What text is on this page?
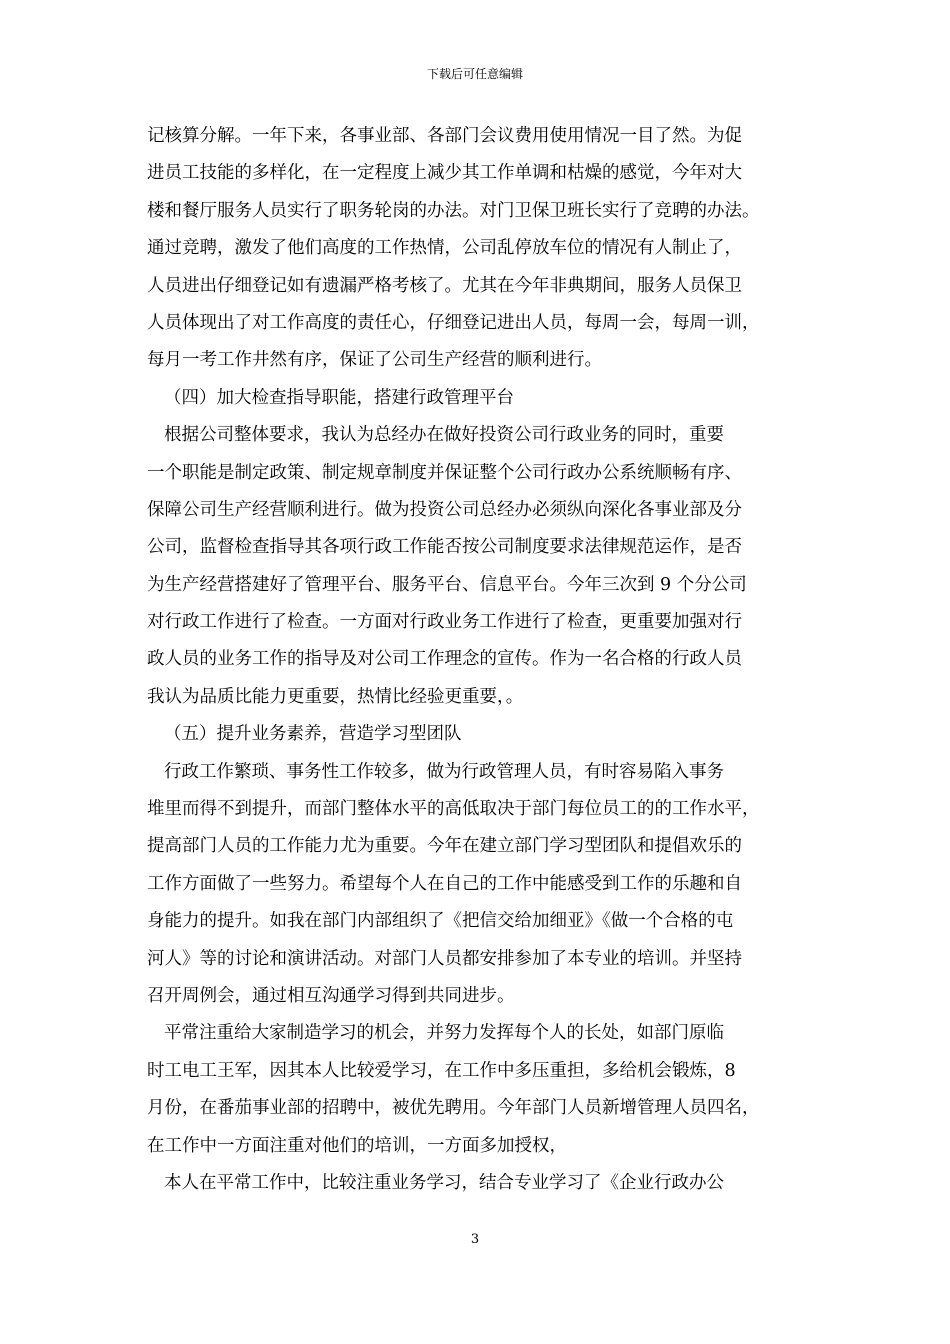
下载后可任意编辑
记核算分解。一年下来，各事业部、各部门会议费用使用情况一目了然。为促
进员工技能的多样化，在一定程度上减少其工作单调和枯燥的感觉，今年对大
楼和餐厅服务人员实行了职务轮岗的办法。对门卫保卫班长实行了竞聘的办法。
通过竞聘，激发了他们高度的工作热情，公司乱停放车位的情况有人制止了，
人员进出仔细登记如有遗漏严格考核了。尤其在今年非典期间，服务人员保卫
人员体现出了对工作高度的责任心，仔细登记进出人员，每周一会，每周一训，
每月一考工作井然有序，保证了公司生产经营的顺利进行。
（四）加大检查指导职能，搭建行政管理平台
根据公司整体要求，我认为总经办在做好投资公司行政业务的同时，重要
一个职能是制定政策、制定规章制度并保证整个公司行政办公系统顺畅有序、
保障公司生产经营顺利进行。做为投资公司总经办必须纵向深化各事业部及分
公司，监督检查指导其各项行政工作能否按公司制度要求法律规范运作，是否
为生产经营搭建好了管理平台、服务平台、信息平台。今年三次到 9 个分公司
对行政工作进行了检查。一方面对行政业务工作进行了检查，更重要加强对行
政人员的业务工作的指导及对公司工作理念的宣传。作为一名合格的行政人员
我认为品质比能力更重要，热情比经验更重要，。
（五）提升业务素养，营造学习型团队
行政工作繁琐、事务性工作较多，做为行政管理人员，有时容易陷入事务
堆里而得不到提升，而部门整体水平的高低取决于部门每位员工的的工作水平，
提高部门人员的工作能力尤为重要。今年在建立部门学习型团队和提倡欢乐的
工作方面做了一些努力。希望每个人在自己的工作中能感受到工作的乐趣和自
身能力的提升。如我在部门内部组织了《把信交给加细亚》《做一个合格的屯
河人》等的讨论和演讲活动。对部门人员都安排参加了本专业的培训。并坚持
召开周例会，通过相互沟通学习得到共同进步。
平常注重给大家制造学习的机会，并努力发挥每个人的长处，如部门原临
时工电工王军，因其本人比较爱学习，在工作中多压重担，多给机会锻炼，8
月份，在番茄事业部的招聘中，被优先聘用。今年部门人员新增管理人员四名，
在工作中一方面注重对他们的培训，一方面多加授权，
本人在平常工作中，比较注重业务学习，结合专业学习了《企业行政办公
3
